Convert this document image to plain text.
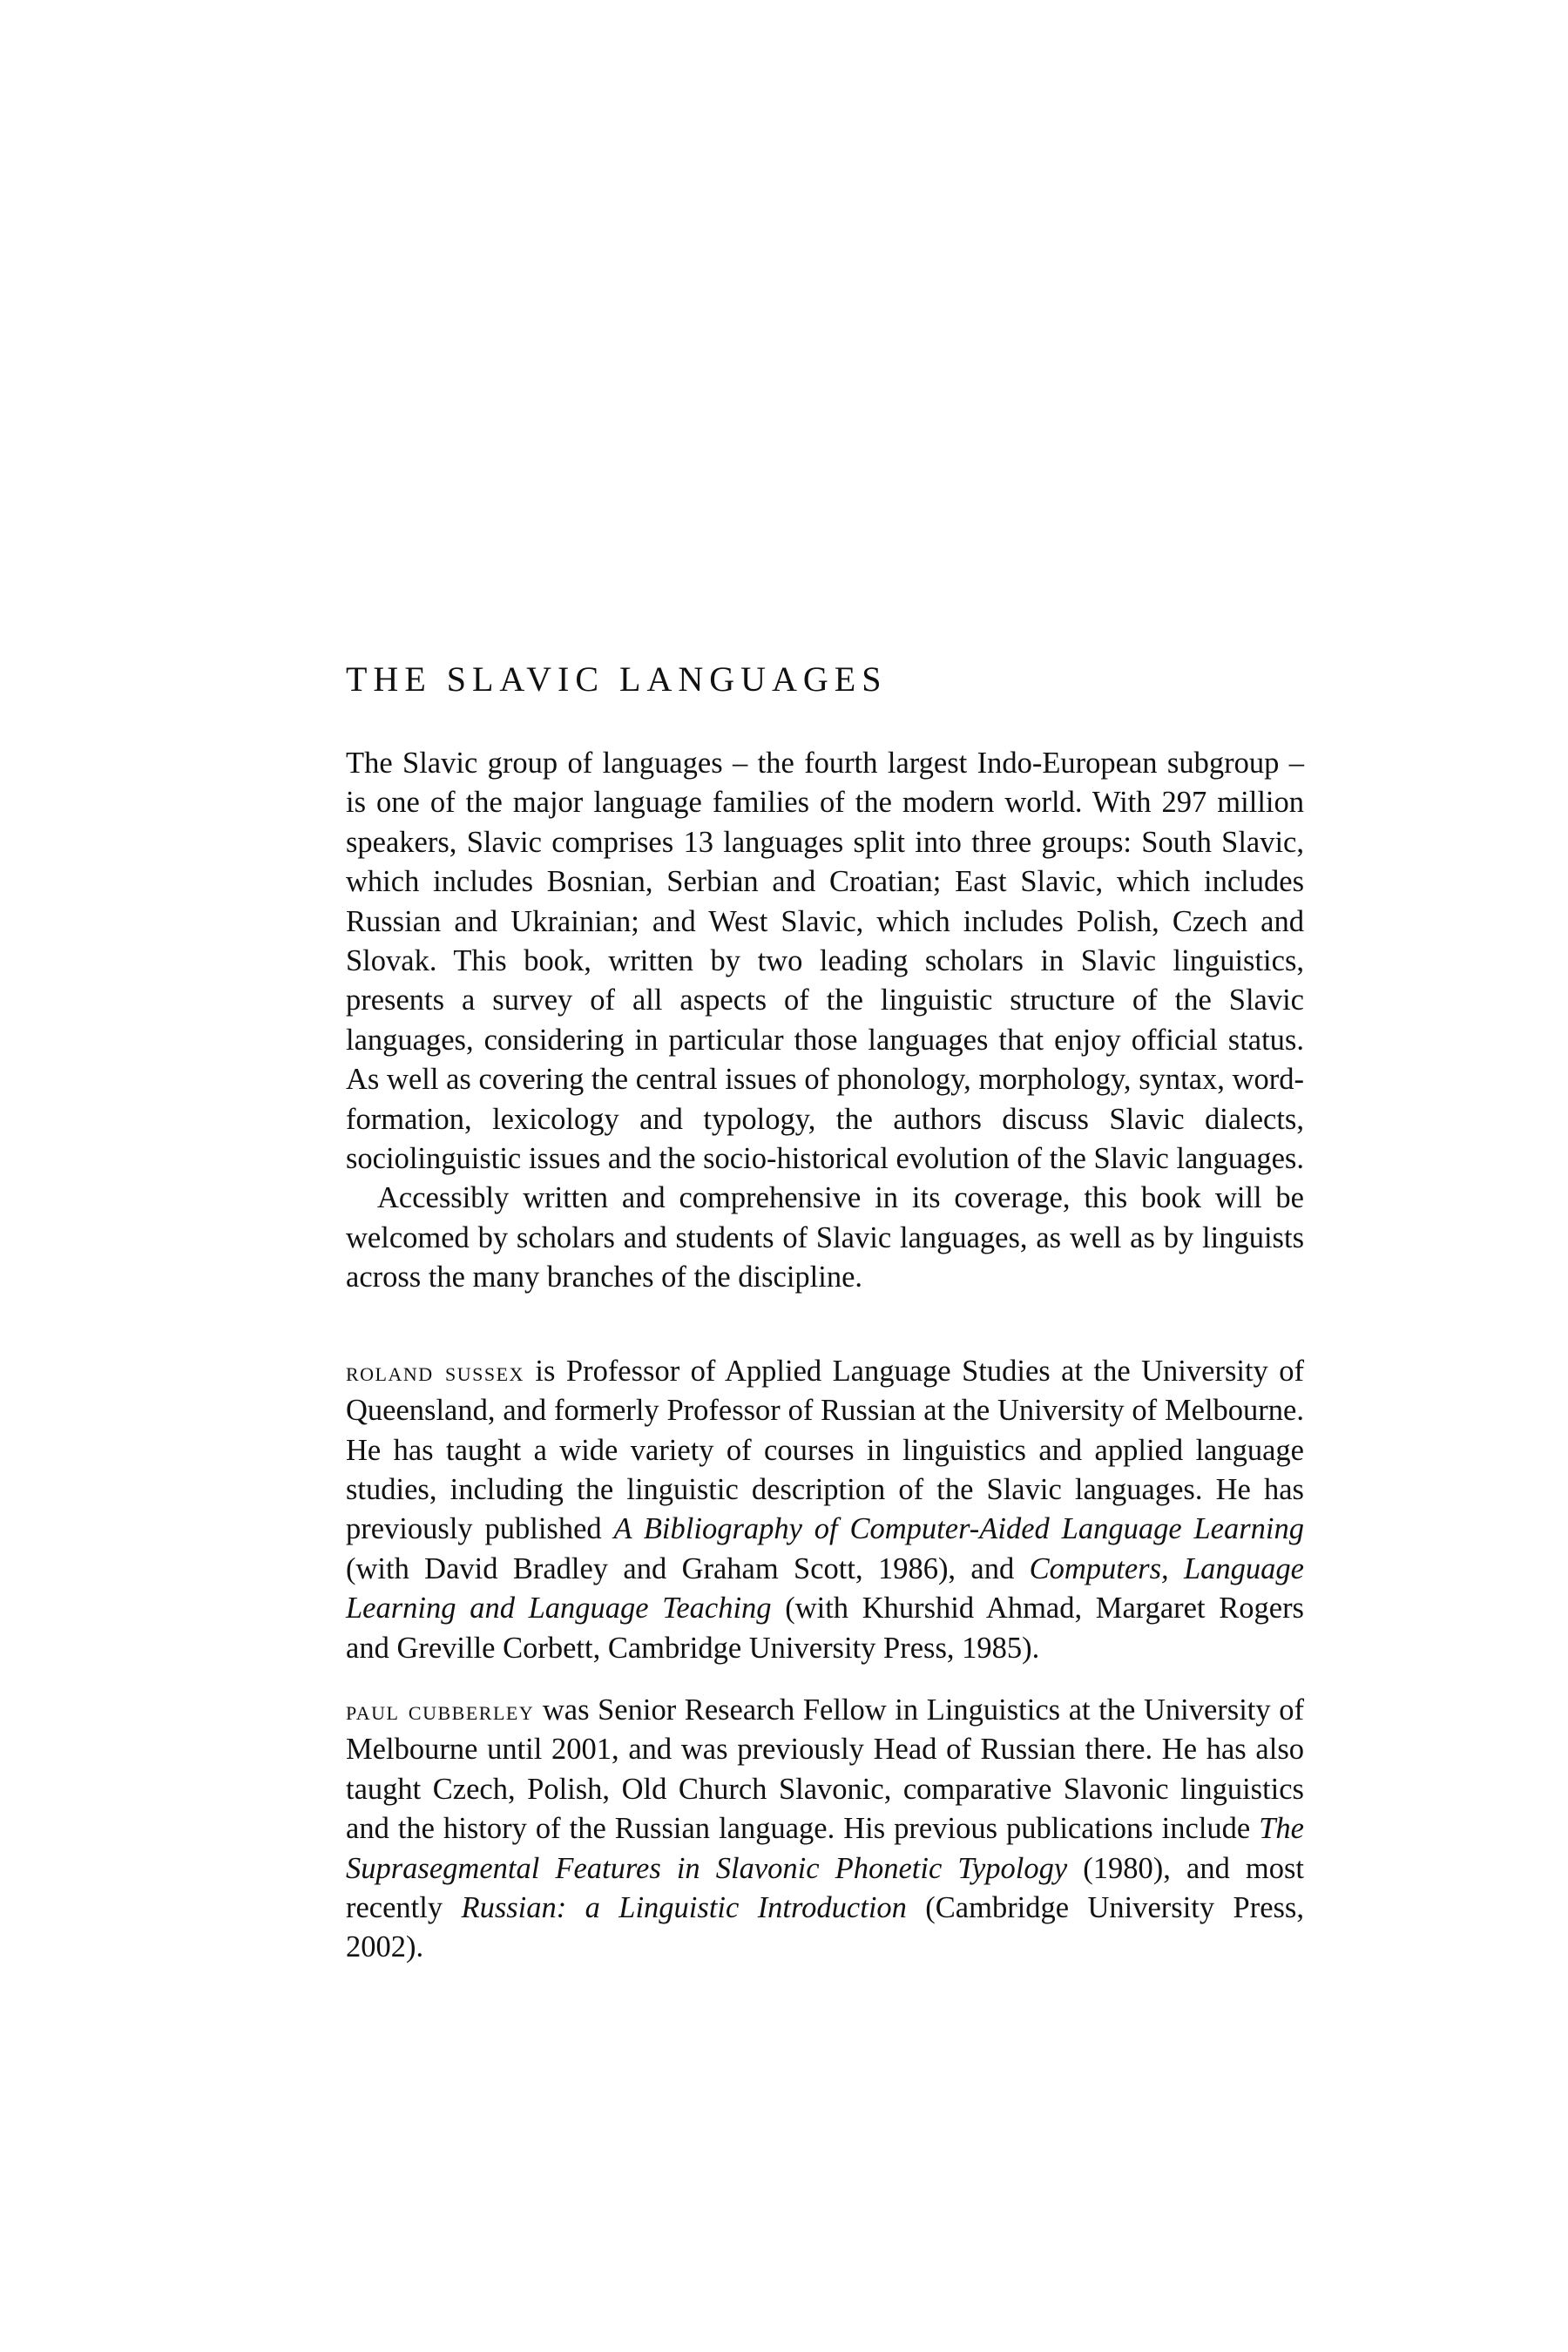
THE SLAVIC LANGUAGES

The Slavic group of languages – the fourth largest Indo-European subgroup – is one of the major language families of the modern world. With 297 million speakers, Slavic comprises 13 languages split into three groups: South Slavic, which includes Bosnian, Serbian and Croatian; East Slavic, which includes Russian and Ukrainian; and West Slavic, which includes Polish, Czech and Slovak. This book, written by two leading scholars in Slavic linguistics, presents a survey of all aspects of the linguistic structure of the Slavic languages, considering in particular those languages that enjoy official status. As well as covering the central issues of phonology, morphology, syntax, word-formation, lexicology and typology, the authors discuss Slavic dialects, sociolinguistic issues and the socio-historical evolution of the Slavic languages.

Accessibly written and comprehensive in its coverage, this book will be welcomed by scholars and students of Slavic languages, as well as by linguists across the many branches of the discipline.

roland sussex is Professor of Applied Language Studies at the University of Queensland, and formerly Professor of Russian at the University of Melbourne. He has taught a wide variety of courses in linguistics and applied language studies, including the linguistic description of the Slavic languages. He has previously published A Bibliography of Computer-Aided Language Learning (with David Bradley and Graham Scott, 1986), and Computers, Language Learning and Language Teaching (with Khurshid Ahmad, Margaret Rogers and Greville Corbett, Cambridge University Press, 1985).

paul cubberley was Senior Research Fellow in Linguistics at the University of Melbourne until 2001, and was previously Head of Russian there. He has also taught Czech, Polish, Old Church Slavonic, comparative Slavonic linguistics and the history of the Russian language. His previous publications include The Suprasegmental Features in Slavonic Phonetic Typology (1980), and most recently Russian: a Linguistic Introduction (Cambridge University Press, 2002).
